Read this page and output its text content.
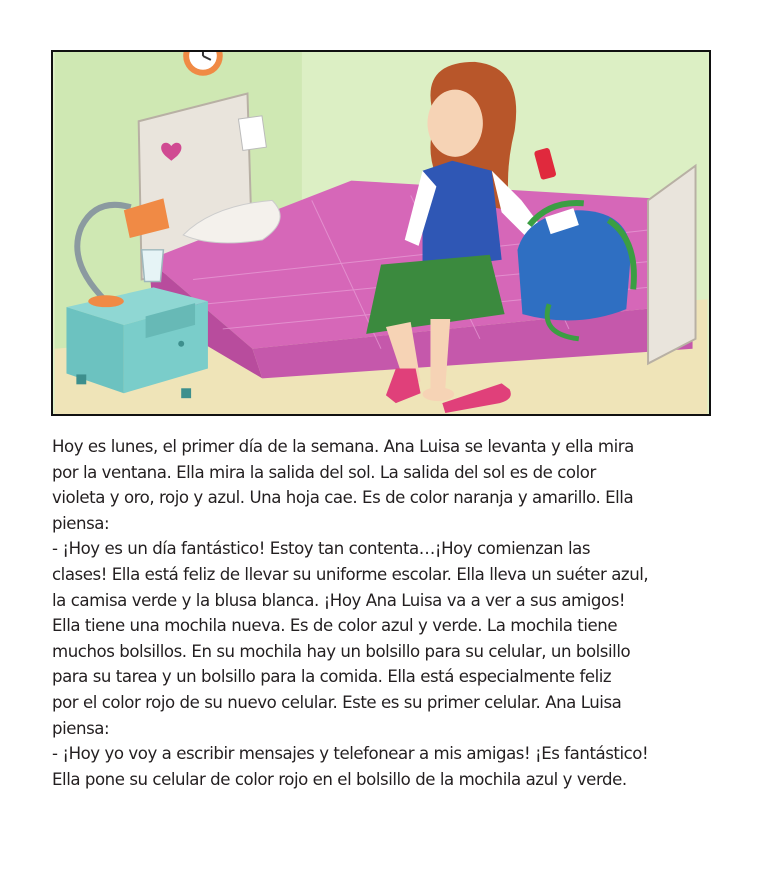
Hoy es lunes, el primer día de la semana. Ana Luisa se levanta y ella mira
por la ventana. Ella mira la salida del sol. La salida del sol es de color
violeta y oro, rojo y azul. Una hoja cae. Es de color naranja y amarillo. Ella
piensa:
- ¡Hoy es un día fantástico! Estoy tan contenta…¡Hoy comienzan las
clases! Ella está feliz de llevar su uniforme escolar. Ella lleva un suéter azul,
la camisa verde y la blusa blanca. ¡Hoy Ana Luisa va a ver a sus amigos!
Ella tiene una mochila nueva. Es de color azul y verde. La mochila tiene
muchos bolsillos. En su mochila hay un bolsillo para su celular, un bolsillo
para su tarea y un bolsillo para la comida. Ella está especialmente feliz
por el color rojo de su nuevo celular. Este es su primer celular. Ana Luisa
piensa:
- ¡Hoy yo voy a escribir mensajes y telefonear a mis amigas! ¡Es fantástico!
Ella pone su celular de color rojo en el bolsillo de la mochila azul y verde.
